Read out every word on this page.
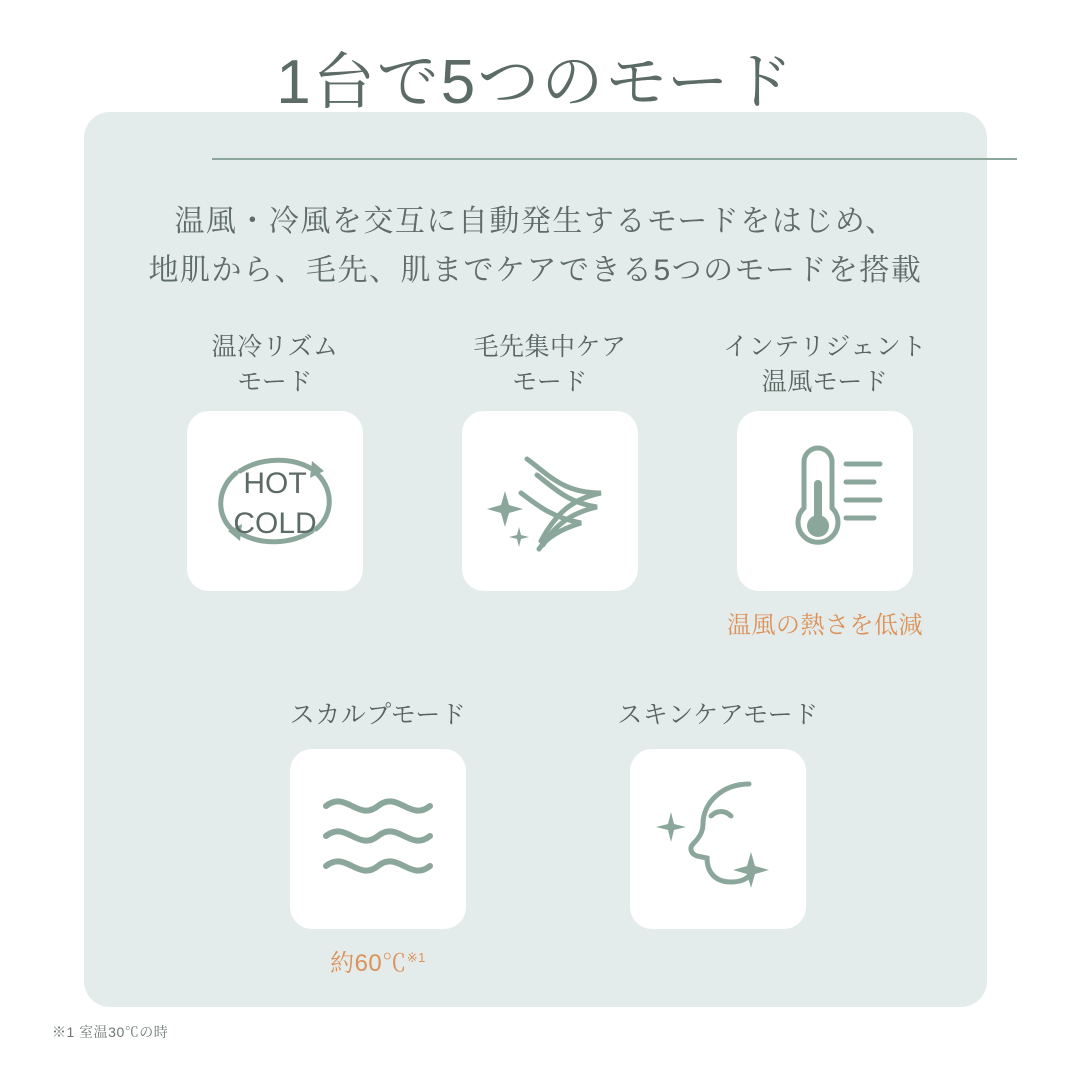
1台で5つのモード
温風・冷風を交互に自動発生するモードをはじめ、
地肌から、毛先、肌までケアできる5つのモードを搭載
温冷リズム
モード
HOT
COLD
毛先集中ケア
モード
インテリジェント
温風モード
温風の熱さを低減
スカルプモード
約60℃$^{※1}$
スキンケアモード
※1 室温30℃の時
